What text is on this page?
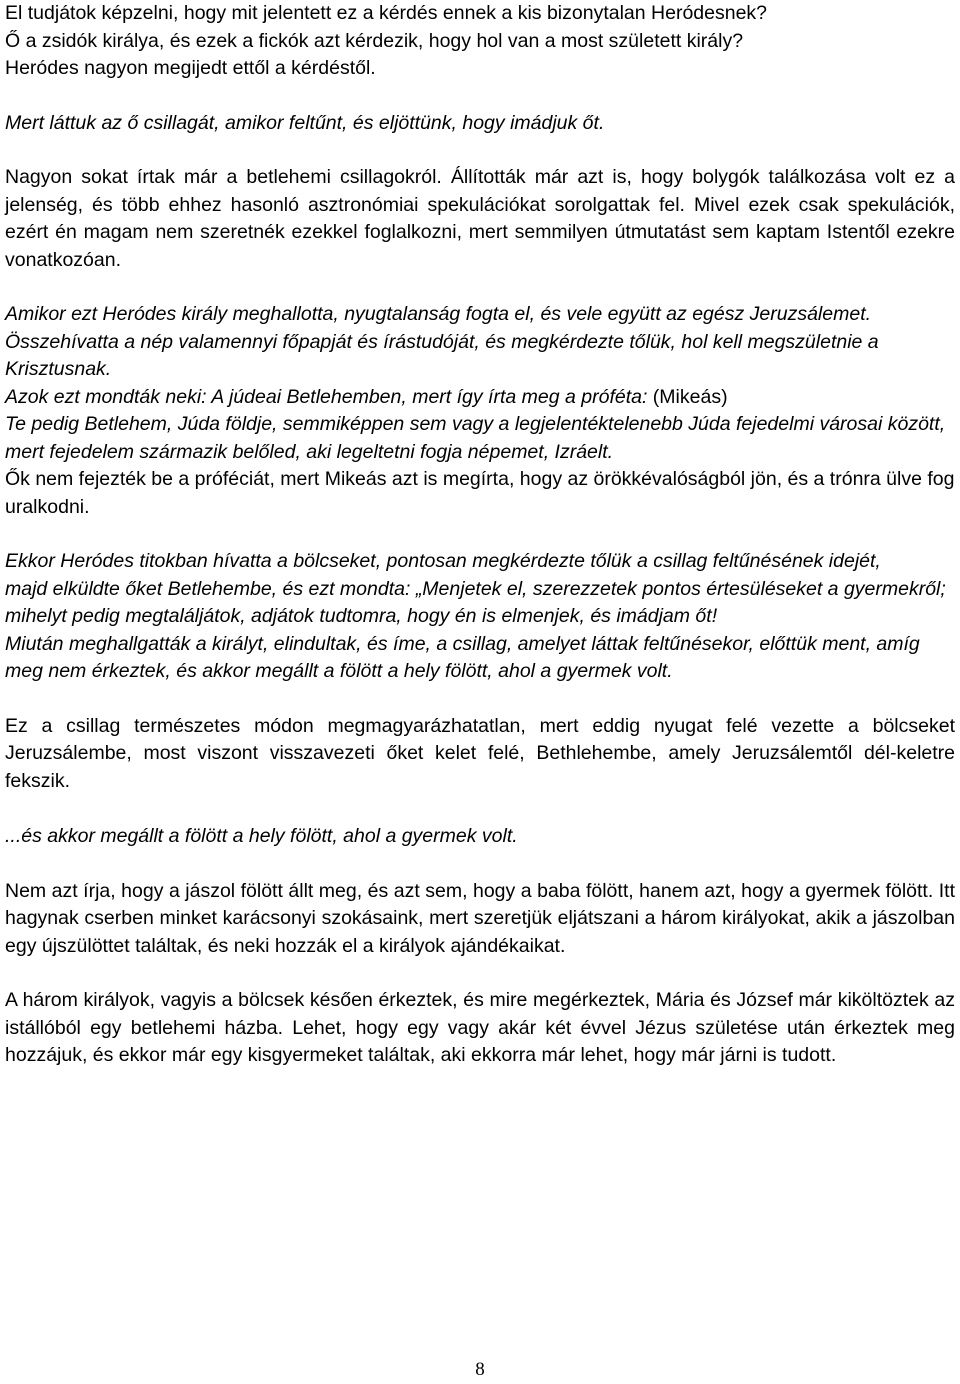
El tudjátok képzelni, hogy mit jelentett ez a kérdés ennek a kis bizonytalan Heródesnek?

Ő a zsidók királya, és ezek a fickók azt kérdezik, hogy hol van a most született király?

Heródes nagyon megijedt ettől a kérdéstől.

Mert láttuk az ő csillagát, amikor feltűnt, és eljöttünk, hogy imádjuk őt.

Nagyon sokat írtak már a betlehemi csillagokról. Állították már azt is, hogy bolygók találkozása volt ez a jelenség, és több ehhez hasonló asztronómiai spekulációkat sorolgattak fel. Mivel ezek csak spekulációk, ezért én magam nem szeretnék ezekkel foglalkozni, mert semmilyen útmutatást sem kaptam Istentől ezekre vonatkozóan.

Amikor ezt Heródes király meghallotta, nyugtalanság fogta el, és vele együtt az egész Jeruzsálemet.

Összehívatta a nép valamennyi főpapját és írástudóját, és megkérdezte tőlük, hol kell megszületnie a Krisztusnak.

Azok ezt mondták neki: A júdeai Betlehemben, mert így írta meg a próféta: (Mikeás)

Te pedig Betlehem, Júda földje, semmiképpen sem vagy a legjelentéktelenebb Júda fejedelmi városai között, mert fejedelem származik belőled, aki legeltetni fogja népemet, Izráelt.

Ők nem fejezték be a próféciát, mert Mikeás azt is megírta, hogy az örökkévalóságból jön, és a trónra ülve fog uralkodni.

Ekkor Heródes titokban hívatta a bölcseket, pontosan megkérdezte tőlük a csillag feltűnésének idejét,

majd elküldte őket Betlehembe, és ezt mondta: „Menjetek el, szerezzetek pontos értesüléseket a gyermekről; mihelyt pedig megtaláljátok, adjátok tudtomra, hogy én is elmenjek, és imádjam őt!

Miután meghallgatták a királyt, elindultak, és íme, a csillag, amelyet láttak feltűnésekor, előttük ment, amíg meg nem érkeztek, és akkor megállt a fölött a hely fölött, ahol a gyermek volt.

Ez a csillag természetes módon megmagyarázhatatlan, mert eddig nyugat felé vezette a bölcseket Jeruzsálembe, most viszont visszavezeti őket kelet felé, Bethlehembe, amely Jeruzsálemtől dél-keletre fekszik.

...és akkor megállt a fölött a hely fölött, ahol a gyermek volt.

Nem azt írja, hogy a jászol fölött állt meg, és azt sem, hogy a baba fölött, hanem azt, hogy a gyermek fölött. Itt hagynak cserben minket karácsonyi szokásaink, mert szeretjük eljátszani a három királyokat, akik a jászolban egy újszülöttet találtak, és neki hozzák el a királyok ajándékaikat.

A három királyok, vagyis a bölcsek késően érkeztek, és mire megérkeztek, Mária és József már kiköltöztek az istállóból egy betlehemi házba. Lehet, hogy egy vagy akár két évvel Jézus születése után érkeztek meg hozzájuk, és ekkor már egy kisgyermeket találtak, aki ekkorra már lehet, hogy már járni is tudott.

8
